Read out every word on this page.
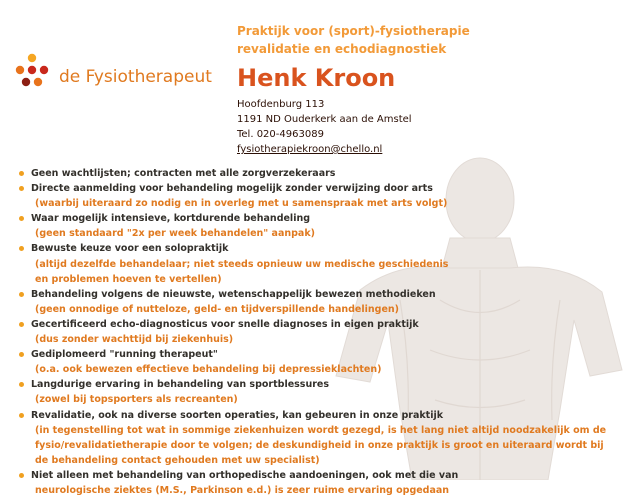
de Fysiotherapeut
Praktijk voor (sport)-fysiotherapie
revalidatie en echodiagnostiek
Henk Kroon
Hoofdenburg 113
1191 ND Ouderkerk aan de Amstel
Tel. 020-4963089
fysiotherapiekroon@chello.nl
Geen wachtlijsten; contracten met alle zorgverzekeraars
Directe aanmelding voor behandeling mogelijk zonder verwijzing door arts
(waarbij uiteraard zo nodig en in overleg met u samenspraak met arts volgt)
Waar mogelijk intensieve, kortdurende behandeling
(geen standaard "2x per week behandelen" aanpak)
Bewuste keuze voor een solopraktijk
(altijd dezelfde behandelaar; niet steeds opnieuw uw medische geschiedenis
en problemen hoeven te vertellen)
Behandeling volgens de nieuwste, wetenschappelijk bewezen methodieken
(geen onnodige of nutteloze, geld- en tijdverspillende handelingen)
Gecertificeerd echo-diagnosticus voor snelle diagnoses in eigen praktijk
(dus zonder wachttijd bij ziekenhuis)
Gediplomeerd "running therapeut"
(o.a. ook bewezen effectieve behandeling bij depressieklachten)
Langdurige ervaring in behandeling van sportblessures
(zowel bij topsporters als recreanten)
Revalidatie, ook na diverse soorten operaties, kan gebeuren in onze praktijk
(in tegenstelling tot wat in sommige ziekenhuizen wordt gezegd, is het lang niet altijd noodzakelijk om de
fysio/revalidatietherapie door te volgen; de deskundigheid in onze praktijk is groot en uiteraard wordt bij
de behandeling contact gehouden met uw specialist)
Niet alleen met behandeling van orthopedische aandoeningen, ook met die van
neurologische ziektes (M.S., Parkinson e.d.) is zeer ruime ervaring opgedaan
